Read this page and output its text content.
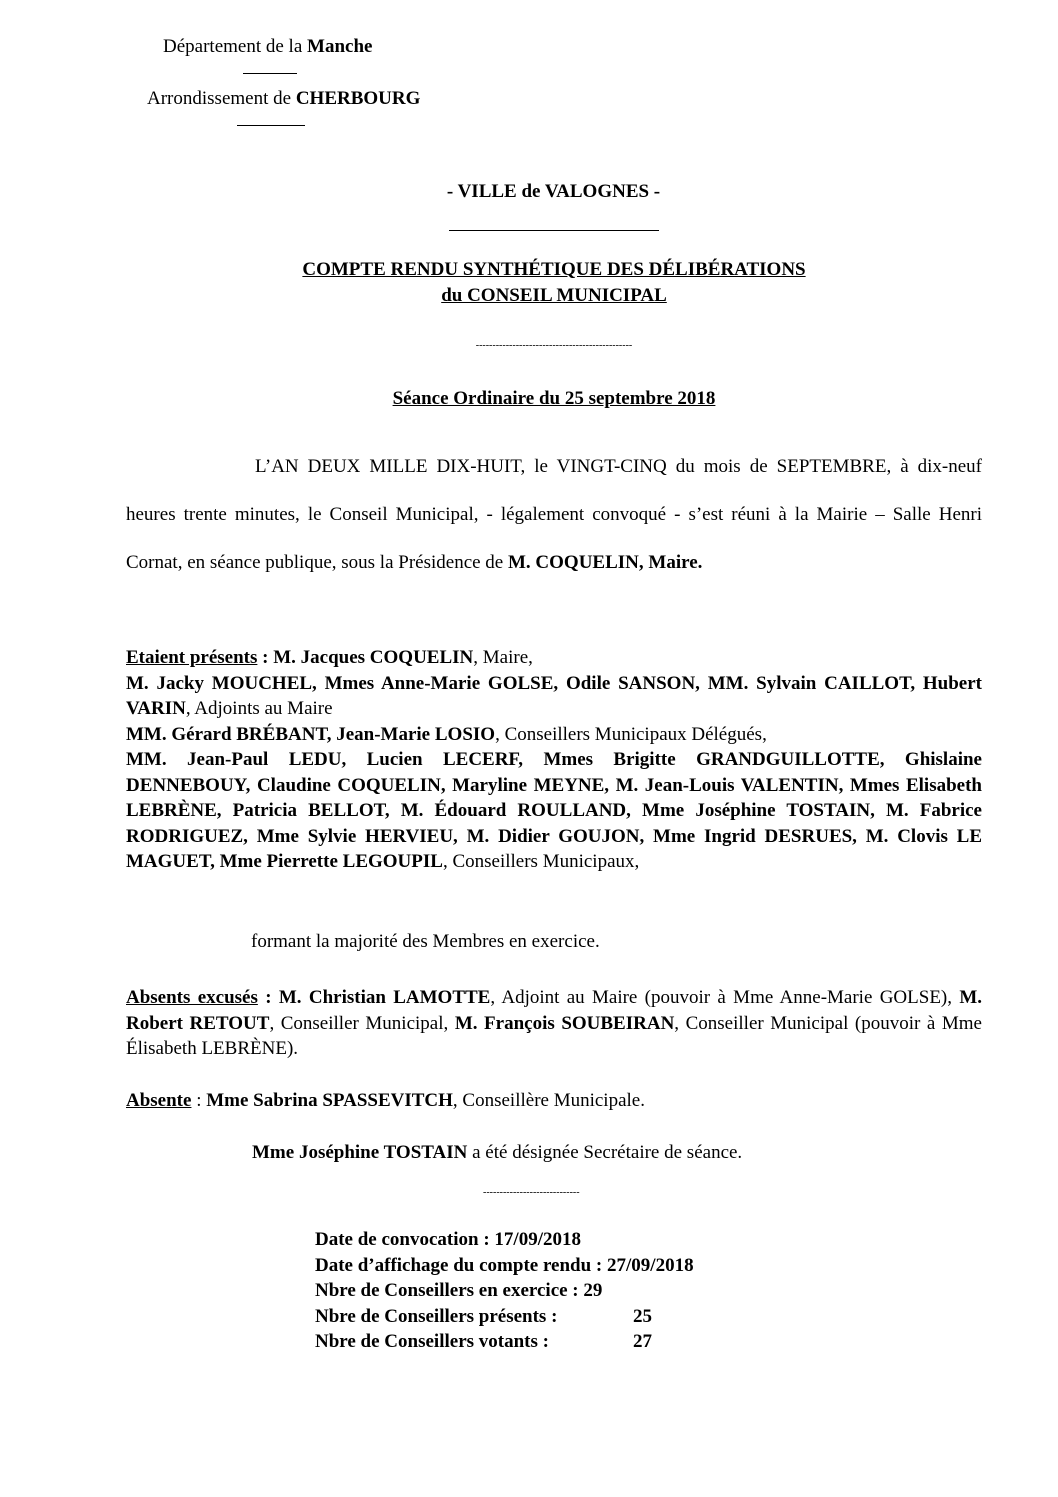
Département de la Manche
Arrondissement de CHERBOURG
- VILLE de VALOGNES -
COMPTE RENDU SYNTHÉTIQUE DES DÉLIBÉRATIONS
du CONSEIL MUNICIPAL
-----------------------------------------------
Séance Ordinaire du 25 septembre 2018
L’AN DEUX MILLE DIX-HUIT, le VINGT-CINQ du mois de SEPTEMBRE, à dix-neuf heures trente minutes, le Conseil Municipal, - légalement convoqué - s’est réuni à la Mairie – Salle Henri Cornat, en séance publique, sous la Présidence de M. COQUELIN, Maire.
Etaient présents : M. Jacques COQUELIN, Maire,
M. Jacky MOUCHEL, Mmes Anne-Marie GOLSE, Odile SANSON, MM. Sylvain CAILLOT, Hubert VARIN, Adjoints au Maire
MM. Gérard BRÉBANT, Jean-Marie LOSIO, Conseillers Municipaux Délégués,
MM. Jean-Paul LEDU, Lucien LECERF, Mmes Brigitte GRANDGUILLOTTE, Ghislaine DENNEBOUY, Claudine COQUELIN, Maryline MEYNE, M. Jean-Louis VALENTIN, Mmes Elisabeth LEBRÈNE, Patricia BELLOT, M. Édouard ROULLAND, Mme Joséphine TOSTAIN, M. Fabrice RODRIGUEZ, Mme Sylvie HERVIEU, M. Didier GOUJON, Mme Ingrid DESRUES, M. Clovis LE MAGUET, Mme Pierrette LEGOUPIL, Conseillers Municipaux,
formant la majorité des Membres en exercice.
Absents excusés : M. Christian LAMOTTE, Adjoint au Maire (pouvoir à Mme Anne-Marie GOLSE), M. Robert RETOUT, Conseiller Municipal, M. François SOUBEIRAN, Conseiller Municipal (pouvoir à Mme Élisabeth LEBRÈNE).
Absente : Mme Sabrina SPASSEVITCH, Conseillère Municipale.
Mme Joséphine TOSTAIN a été désignée Secrétaire de séance.
-----------------------------
Date de convocation : 17/09/2018
Date d’affichage du compte rendu : 27/09/2018
Nbre de Conseillers en exercice : 29
Nbre de Conseillers présents :	25
Nbre de Conseillers votants :	27
